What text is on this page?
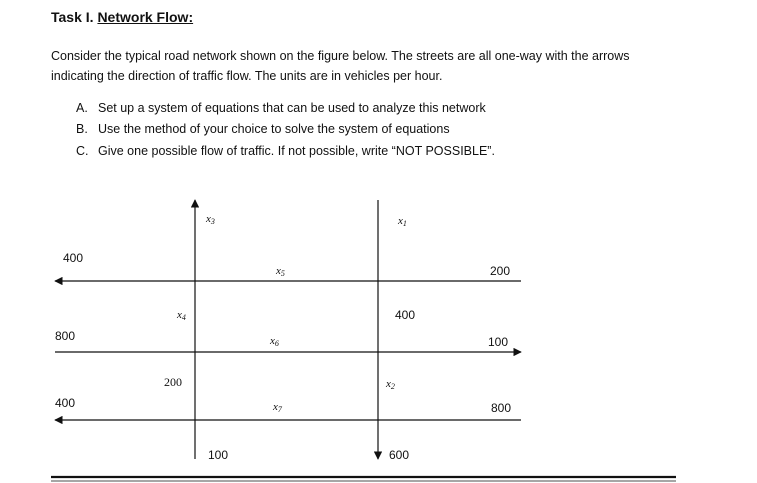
Task I. Network Flow:
Consider the typical road network shown on the figure below. The streets are all one-way with the arrows indicating the direction of traffic flow. The units are in vehicles per hour.
A. Set up a system of equations that can be used to analyze this network
B. Use the method of your choice to solve the system of equations
C. Give one possible flow of traffic. If not possible, write “NOT POSSIBLE”.
x3	x1
x5
x4
x6
x2
x7
400
200
800	100
400	800
400
200
100	600
